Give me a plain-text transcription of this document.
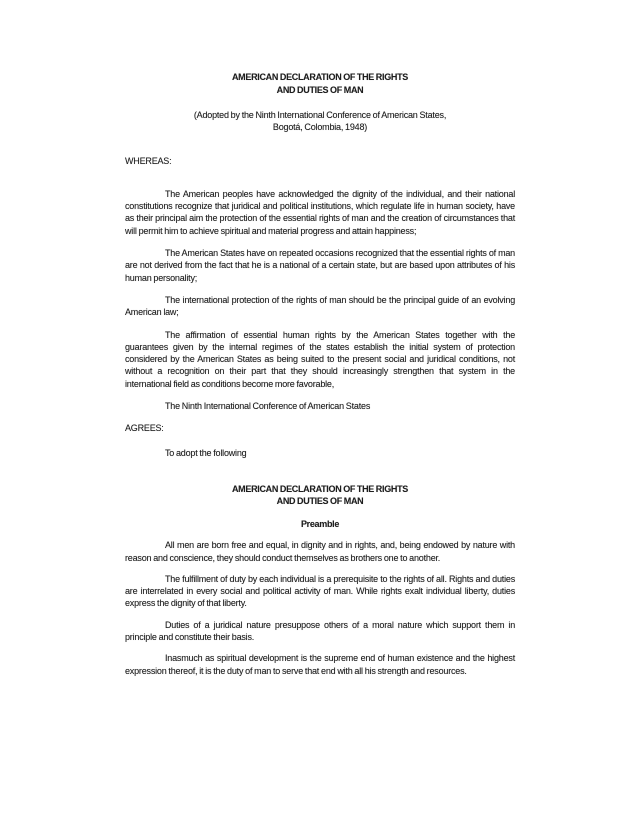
AMERICAN DECLARATION OF THE RIGHTS
AND DUTIES OF MAN
(Adopted by the Ninth International Conference of American States,
Bogotá, Colombia, 1948)
WHEREAS:

The American peoples have acknowledged the dignity of the individual, and their national constitutions recognize that juridical and political institutions, which regulate life in human society, have as their principal aim the protection of the essential rights of man and the creation of circumstances that will permit him to achieve spiritual and material progress and attain happiness;

The American States have on repeated occasions recognized that the essential rights of man are not derived from the fact that he is a national of a certain state, but are based upon attributes of his human personality;

The international protection of the rights of man should be the principal guide of an evolving American law;

The affirmation of essential human rights by the American States together with the guarantees given by the internal regimes of the states establish the initial system of protection considered by the American States as being suited to the present social and juridical conditions, not without a recognition on their part that they should increasingly strengthen that system in the international field as conditions become more favorable,

The Ninth International Conference of American States

AGREES:
To adopt the following
AMERICAN DECLARATION OF THE RIGHTS
AND DUTIES OF MAN
Preamble

All men are born free and equal, in dignity and in rights, and, being endowed by nature with reason and conscience, they should conduct themselves as brothers one to another.

The fulfillment of duty by each individual is a prerequisite to the rights of all. Rights and duties are interrelated in every social and political activity of man. While rights exalt individual liberty, duties express the dignity of that liberty.

Duties of a juridical nature presuppose others of a moral nature which support them in principle and constitute their basis.

Inasmuch as spiritual development is the supreme end of human existence and the highest expression thereof, it is the duty of man to serve that end with all his strength and resources.
